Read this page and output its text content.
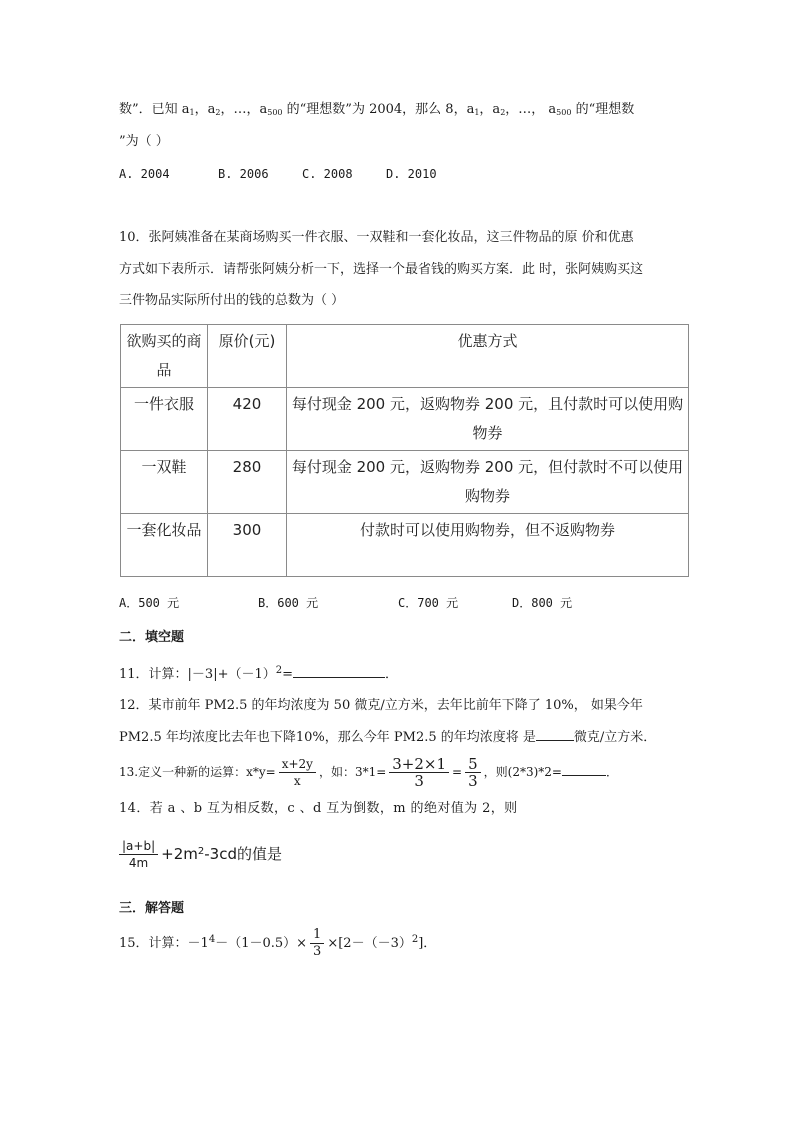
数”．已知 $a_1$，$a_2$，…，$a_{500}$ 的“理想数”为 2004，那么 8，$a_1$，$a_2$，…， $a_{500}$ 的“理想数
”为（ ）
A. 2004	B. 2006	C. 2008	D. 2010
10．张阿姨准备在某商场购买一件衣服、一双鞋和一套化妆品，这三件物品的原 价和优惠
方式如下表所示．请帮张阿姨分析一下，选择一个最省钱的购买方案．此 时，张阿姨购买这
三件物品实际所付出的钱的总数为（ ）
欲购买的商品	原价(元)	优惠方式
一件衣服	420	每付现金 200 元，返购物券 200 元，且付款时可以使用购物券
一双鞋	280	每付现金 200 元，返购物券 200 元，但付款时不可以使用购物券
一套化妆品	300	付款时可以使用购物券，但不返购物券
A．500 元	B．600 元	C．700 元	D．800 元
二．填空题
11．计算：$|-3|+(-1)^2=$	．
12．某市前年 PM2.5 的年均浓度为 50 微克/立方米，去年比前年下降了 10%， 如果今年
PM2.5 年均浓度比去年也下降10%，那么今年 PM2.5 的年均浓度将 是	微克/立方米．
13.定义一种新的运算：$x*y= \frac{x+2y}{x}$ ，如：$3*1= \frac{3+2\times 1}{3} = \frac{5}{3}$ ，则(2*3)*2=	．
14．若 a 、b 互为相反数，c 、d 互为倒数，m 的绝对值为 2，则
$\frac{|a+b|}{4m} +2m^2-3cd$的值是
三．解答题
15．计算：$-1^4-(1-0.5)\times \frac{1}{3} \times[2-(-3)^2]$．
